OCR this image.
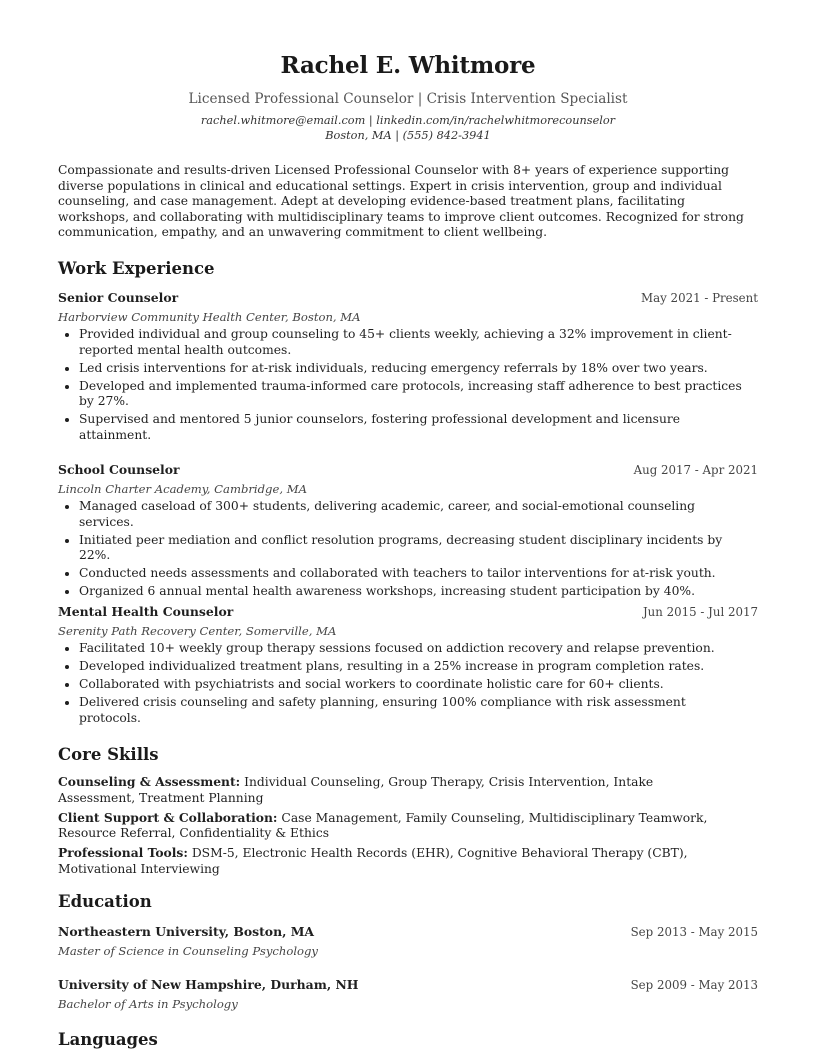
Rachel E. Whitmore
Licensed Professional Counselor | Crisis Intervention Specialist
rachel.whitmore@email.com | linkedin.com/in/rachelwhitmorecounselor
Boston, MA | (555) 842-3941
Compassionate and results-driven Licensed Professional Counselor with 8+ years of experience supporting diverse populations in clinical and educational settings. Expert in crisis intervention, group and individual counseling, and case management. Adept at developing evidence-based treatment plans, facilitating workshops, and collaborating with multidisciplinary teams to improve client outcomes. Recognized for strong communication, empathy, and an unwavering commitment to client wellbeing.
Work Experience
Senior Counselor	May 2021 - Present
Harborview Community Health Center, Boston, MA
• Provided individual and group counseling to 45+ clients weekly, achieving a 32% improvement in client-reported mental health outcomes.
• Led crisis interventions for at-risk individuals, reducing emergency referrals by 18% over two years.
• Developed and implemented trauma-informed care protocols, increasing staff adherence to best practices by 27%.
• Supervised and mentored 5 junior counselors, fostering professional development and licensure attainment.
School Counselor	Aug 2017 - Apr 2021
Lincoln Charter Academy, Cambridge, MA
• Managed caseload of 300+ students, delivering academic, career, and social-emotional counseling services.
• Initiated peer mediation and conflict resolution programs, decreasing student disciplinary incidents by 22%.
• Conducted needs assessments and collaborated with teachers to tailor interventions for at-risk youth.
• Organized 6 annual mental health awareness workshops, increasing student participation by 40%.
Mental Health Counselor	Jun 2015 - Jul 2017
Serenity Path Recovery Center, Somerville, MA
• Facilitated 10+ weekly group therapy sessions focused on addiction recovery and relapse prevention.
• Developed individualized treatment plans, resulting in a 25% increase in program completion rates.
• Collaborated with psychiatrists and social workers to coordinate holistic care for 60+ clients.
• Delivered crisis counseling and safety planning, ensuring 100% compliance with risk assessment protocols.
Core Skills
Counseling & Assessment: Individual Counseling, Group Therapy, Crisis Intervention, Intake Assessment, Treatment Planning
Client Support & Collaboration: Case Management, Family Counseling, Multidisciplinary Teamwork, Resource Referral, Confidentiality & Ethics
Professional Tools: DSM-5, Electronic Health Records (EHR), Cognitive Behavioral Therapy (CBT), Motivational Interviewing
Education
Northeastern University, Boston, MA	Sep 2013 - May 2015
Master of Science in Counseling Psychology
University of New Hampshire, Durham, NH	Sep 2009 - May 2013
Bachelor of Arts in Psychology
Languages
